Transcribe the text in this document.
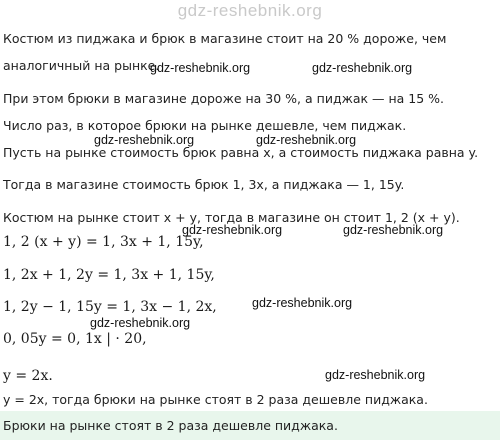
gdz-reshebnik.org
Костюм из пиджака и брюк в магазине стоит на 20 % дороже, чем
аналогичный на рынке.
При этом брюки в магазине дороже на 30 %, а пиджак — на 15 %.
Число раз, в которое брюки на рынке дешевле, чем пиджак.
Пусть на рынке стоимость брюк равна x, а стоимость пиджака равна y.
Тогда в магазине стоимость брюк 1, 3x, а пиджака — 1, 15y.
Костюм на рынке стоит x + y, тогда в магазине он стоит 1, 2 (x + y).
1, 2 (x + y) = 1, 3x + 1, 15y,
1, 2x + 1, 2y = 1, 3x + 1, 15y,
1, 2y − 1, 15y = 1, 3x − 1, 2x,
0, 05y = 0, 1x | · 20,
y = 2x.
y = 2x, тогда брюки на рынке стоят в 2 раза дешевле пиджака.
Брюки на рынке стоят в 2 раза дешевле пиджака.
gdz-reshebnik.org	gdz-reshebnik.org
gdz-reshebnik.org	gdz-reshebnik.org
gdz-reshebnik.org	gdz-reshebnik.org
gdz-reshebnik.org
gdz-reshebnik.org
gdz-reshebnik.org
